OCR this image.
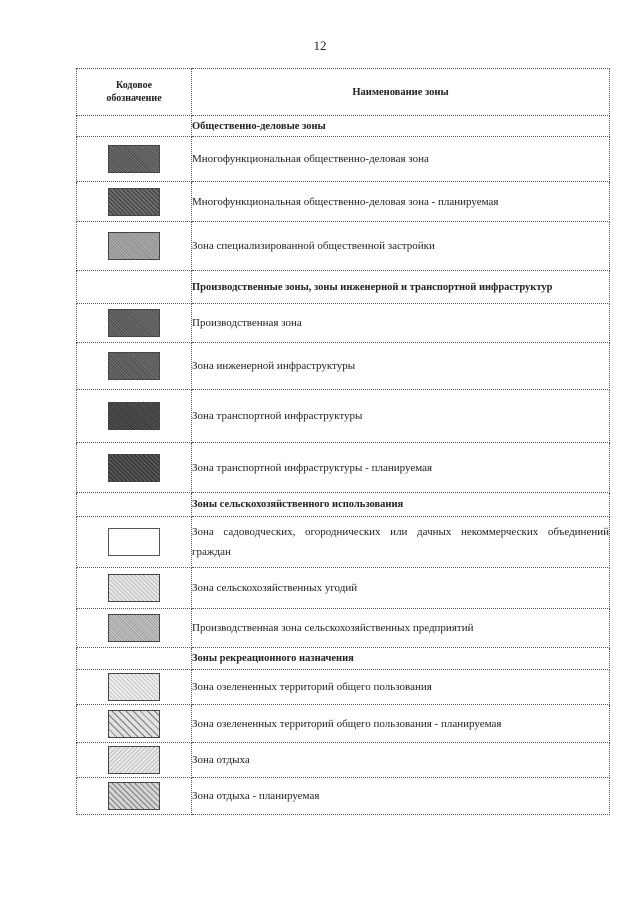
12
Кодовое
обозначение	Наименование зоны
	Общественно-деловые зоны
	Многофункциональная общественно-деловая зона
	Многофункциональная общественно-деловая зона - планируемая
	Зона специализированной общественной застройки
	Производственные зоны, зоны инженерной и транспортной инфраструктур
	Производственная зона
	Зона инженерной инфраструктуры
	Зона транспортной инфраструктуры
	Зона транспортной инфраструктуры - планируемая
	Зоны сельскохозяйственного использования
	Зона садоводческих, огороднических или дачных некоммерческих объединений граждан
	Зона сельскохозяйственных угодий
	Производственная зона сельскохозяйственных предприятий
	Зоны рекреационного назначения
	Зона озелененных территорий общего пользования
	Зона озелененных территорий общего пользования - планируемая
	Зона отдыха
	Зона отдыха - планируемая
